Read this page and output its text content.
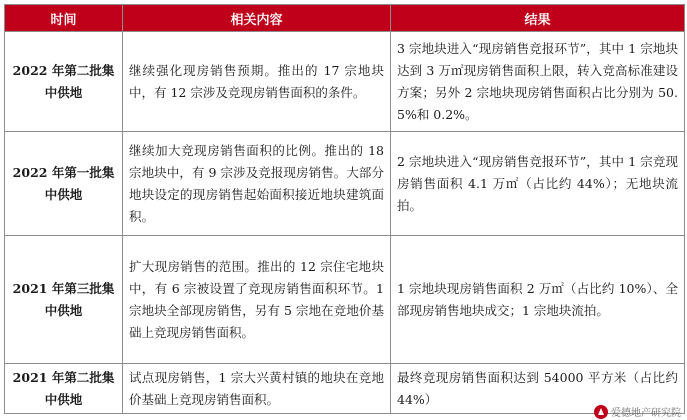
时间	相关内容	结果
2022 年第二批集中供地	继续强化现房销售预期。推出的 17 宗地块中，有 12 宗涉及竞现房销售面积的条件。	3 宗地块进入“现房销售竞报环节”，其中 1 宗地块达到 3 万㎡现房销售面积上限，转入竞高标准建设方案；另外 2 宗地块现房销售面积占比分别为 50.5%和 0.2%。
2022 年第一批集中供地	继续加大竞现房销售面积的比例。推出的 18 宗地块中，有 9 宗涉及竞报现房销售。大部分地块设定的现房销售起始面积接近地块建筑面积。	2 宗地块进入“现房销售竞报环节”，其中 1 宗竞现房销售面积 4.1 万㎡（占比约 44%）；无地块流拍。
2021 年第三批集中供地	扩大现房销售的范围。推出的 12 宗住宅地块中，有 6 宗被设置了竞现房销售面积环节。1 宗地块全部现房销售，另有 5 宗地在竞地价基础上竞现房销售面积。	1 宗地块现房销售面积 2 万㎡（占比约 10%）、全部现房销售地块成交；1 宗地块流拍。
2021 年第二批集中供地	试点现房销售，1 宗大兴黄村镇的地块在竞地价基础上竞现房销售面积。	最终竞现房销售面积达到 54000 平方米（占比约 44%）
爱德地产研究院
